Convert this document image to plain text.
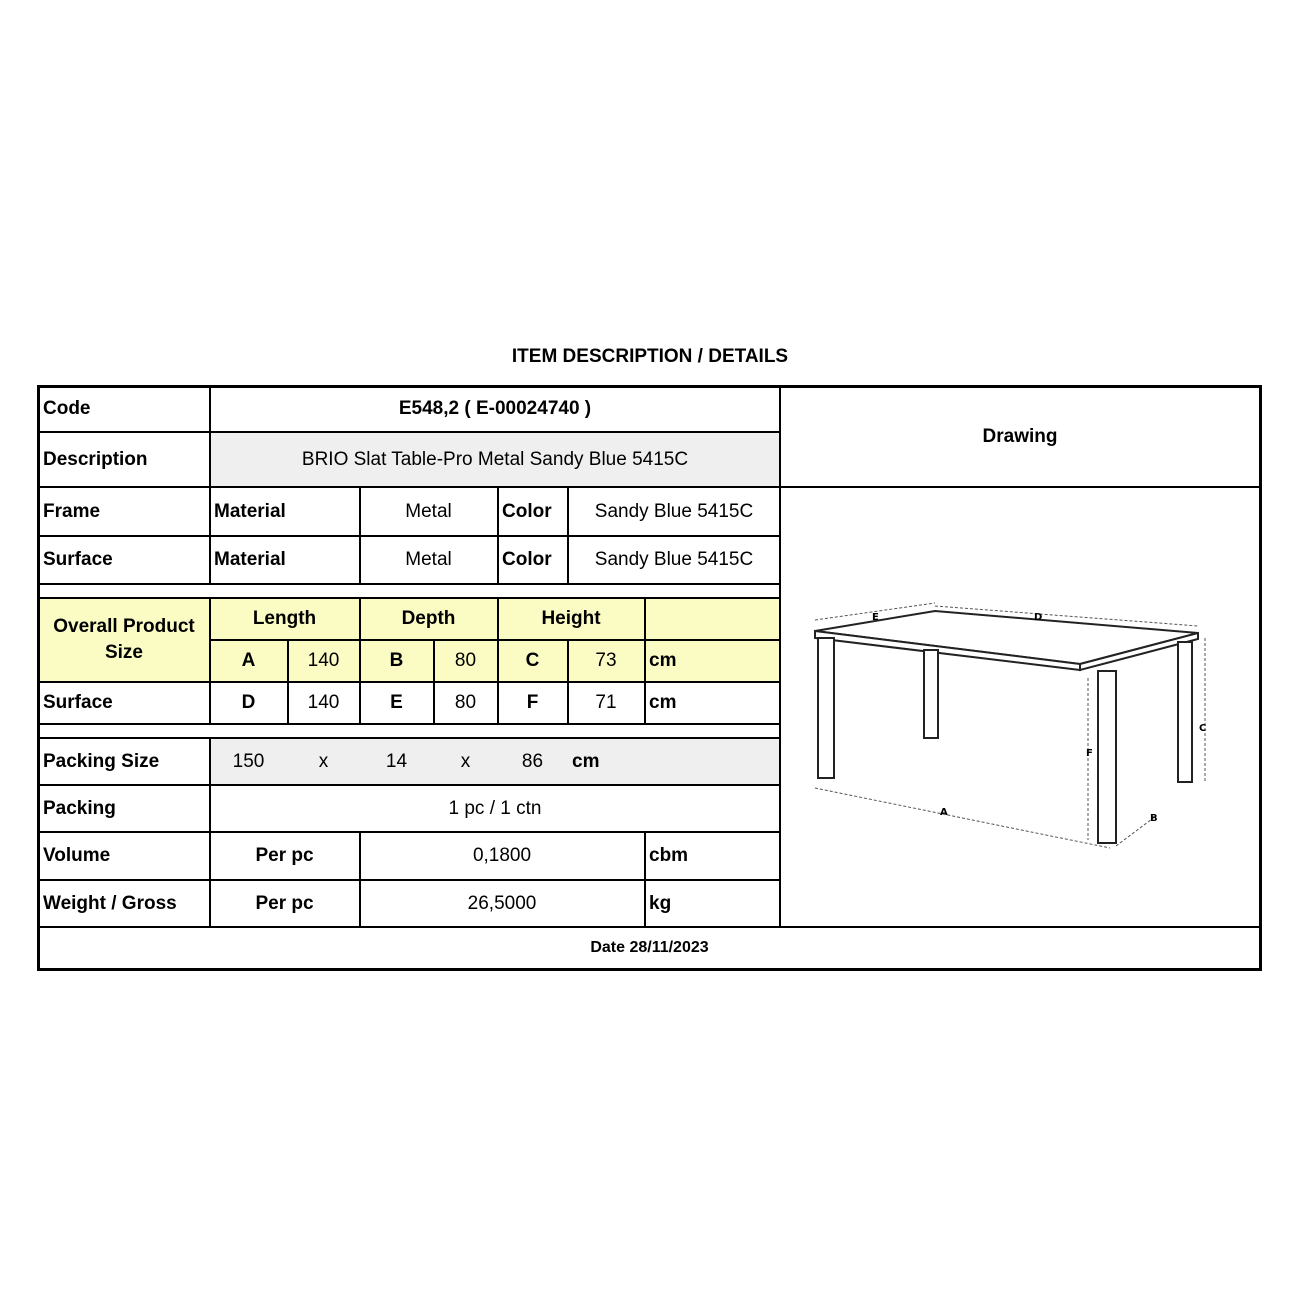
ITEM DESCRIPTION / DETAILS
Code	E548,2 ( E-00024740 )
Description	BRIO Slat Table-Pro Metal Sandy Blue 5415C
Drawing
Frame	Material	Metal	Color	Sandy Blue 5415C
Surface	Material	Metal	Color	Sandy Blue 5415C
Overall Product
Size
Length	Depth	Height
A	140	B	80	C	73	cm
Surface	D	140	E	80	F	71	cm
Packing Size	150	x	14	x	86	cm
Packing	1 pc / 1 ctn
Volume	Per pc	0,1800	cbm
Weight / Gross	Per pc	26,5000	kg
Date 28/11/2023
A
B
C
D
E
F
